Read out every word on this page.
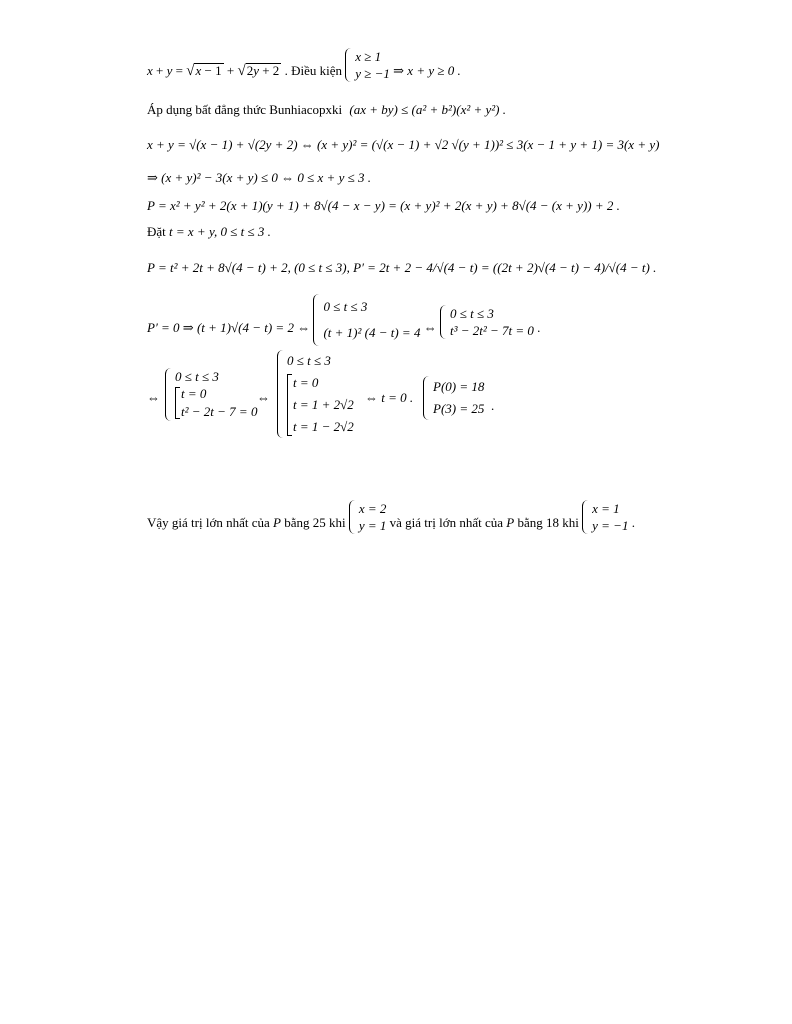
x + y = √x − 1 + √2y + 2 . Điều kiện
x ≥ 1
y ≥ −1 ⇒ x + y ≥ 0 .
Áp dụng bất đẳng thức Bunhiacopxki (ax + by) ≤ (a² + b²)(x² + y²) .
x + y = √(x − 1) + √(2y + 2) ⇔ (x + y)² = (√(x − 1) + √2 √(y + 1))² ≤ 3(x − 1 + y + 1) = 3(x + y)
⇒ (x + y)² − 3(x + y) ≤ 0 ⇔ 0 ≤ x + y ≤ 3 .
P = x² + y² + 2(x + 1)(y + 1) + 8√(4 − x − y) = (x + y)² + 2(x + y) + 8√(4 − (x + y)) + 2 .
Đặt t = x + y, 0 ≤ t ≤ 3 .
P = t² + 2t + 8√(4 − t) + 2, (0 ≤ t ≤ 3), P′ = 2t + 2 − 4/√(4 − t) = ((2t + 2)√(4 − t) − 4)/√(4 − t) .
P′ = 0 ⇒ (t + 1)√(4 − t) = 2 ⇔
0 ≤ t ≤ 3
(t + 1)² (4 − t) = 4 ⇔
0 ≤ t ≤ 3
t³ − 2t² − 7t = 0 .
⇔
0 ≤ t ≤ 3
t = 0
t² − 2t − 7 = 0
⇔
0 ≤ t ≤ 3
t = 0
t = 1 + 2√2
t = 1 − 2√2
⇔ t = 0 .
P(0) = 18
P(3) = 25 .
Vậy giá trị lớn nhất của P bằng 25 khi
x = 2
y = 1 và giá trị lớn nhất của P bằng 18 khi
x = 1
y = −1 .
